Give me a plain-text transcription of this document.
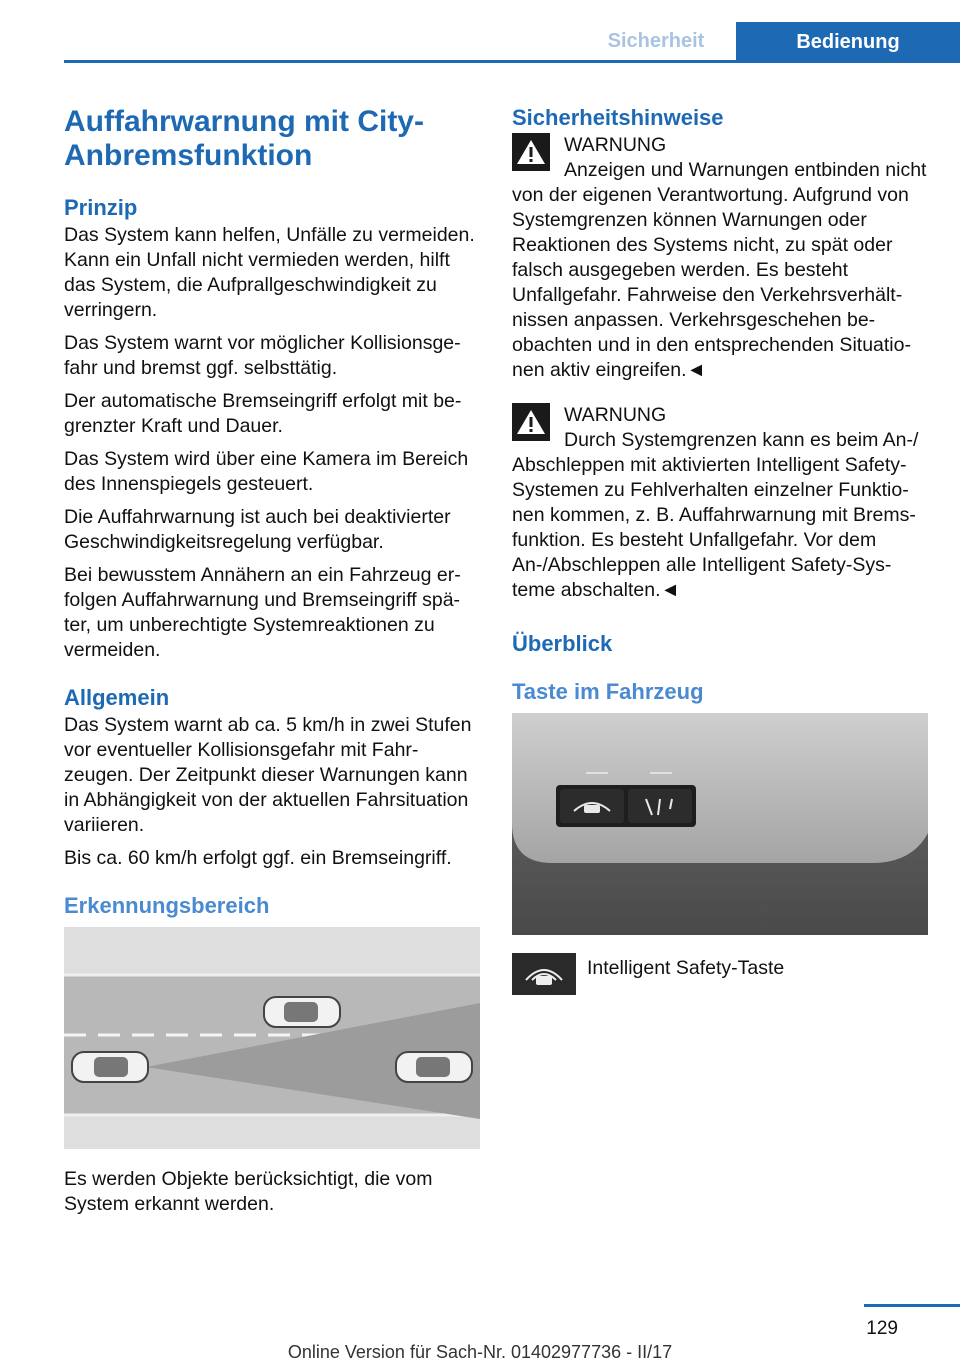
Sicherheit	Bedienung
Auffahrwarnung mit City-Anbremsfunktion
Prinzip

Das System kann helfen, Unfälle zu vermeiden. Kann ein Unfall nicht vermieden werden, hilft das System, die Aufprallgeschwindigkeit zu verringern.

Das System warnt vor möglicher Kollisionsgefahr und bremst ggf. selbsttätig.

Der automatische Bremseingriff erfolgt mit begrenzter Kraft und Dauer.

Das System wird über eine Kamera im Bereich des Innenspiegels gesteuert.

Die Auffahrwarnung ist auch bei deaktivierter Geschwindigkeitsregelung verfügbar.

Bei bewusstem Annähern an ein Fahrzeug erfolgen Auffahrwarnung und Bremseingriff später, um unberechtigte Systemreaktionen zu vermeiden.

Allgemein

Das System warnt ab ca. 5 km/h in zwei Stufen vor eventueller Kollisionsgefahr mit Fahrzeugen. Der Zeitpunkt dieser Warnungen kann in Abhängigkeit von der aktuellen Fahrsituation variieren.

Bis ca. 60 km/h erfolgt ggf. ein Bremseingriff.

Erkennungsbereich

Es werden Objekte berücksichtigt, die vom System erkannt werden.

Sicherheitshinweise
WARNUNG

Anzeigen und Warnungen entbinden nicht von der eigenen Verantwortung. Aufgrund von Systemgrenzen können Warnungen oder Reaktionen des Systems nicht, zu spät oder falsch ausgegeben werden. Es besteht Unfallgefahr. Fahrweise den Verkehrsverhältnissen anpassen. Verkehrsgeschehen beobachten und in den entsprechenden Situationen aktiv eingreifen.◄

WARNUNG

Durch Systemgrenzen kann es beim An-/ Abschleppen mit aktivierten Intelligent Safety-Systemen zu Fehlverhalten einzelner Funktionen kommen, z. B. Auffahrwarnung mit Bremsfunktion. Es besteht Unfallgefahr. Vor dem An-/Abschleppen alle Intelligent Safety-Systeme abschalten.◄

Überblick
Taste im Fahrzeug
Intelligent Safety-Taste
129
Online Version für Sach-Nr. 01402977736 - II/17
